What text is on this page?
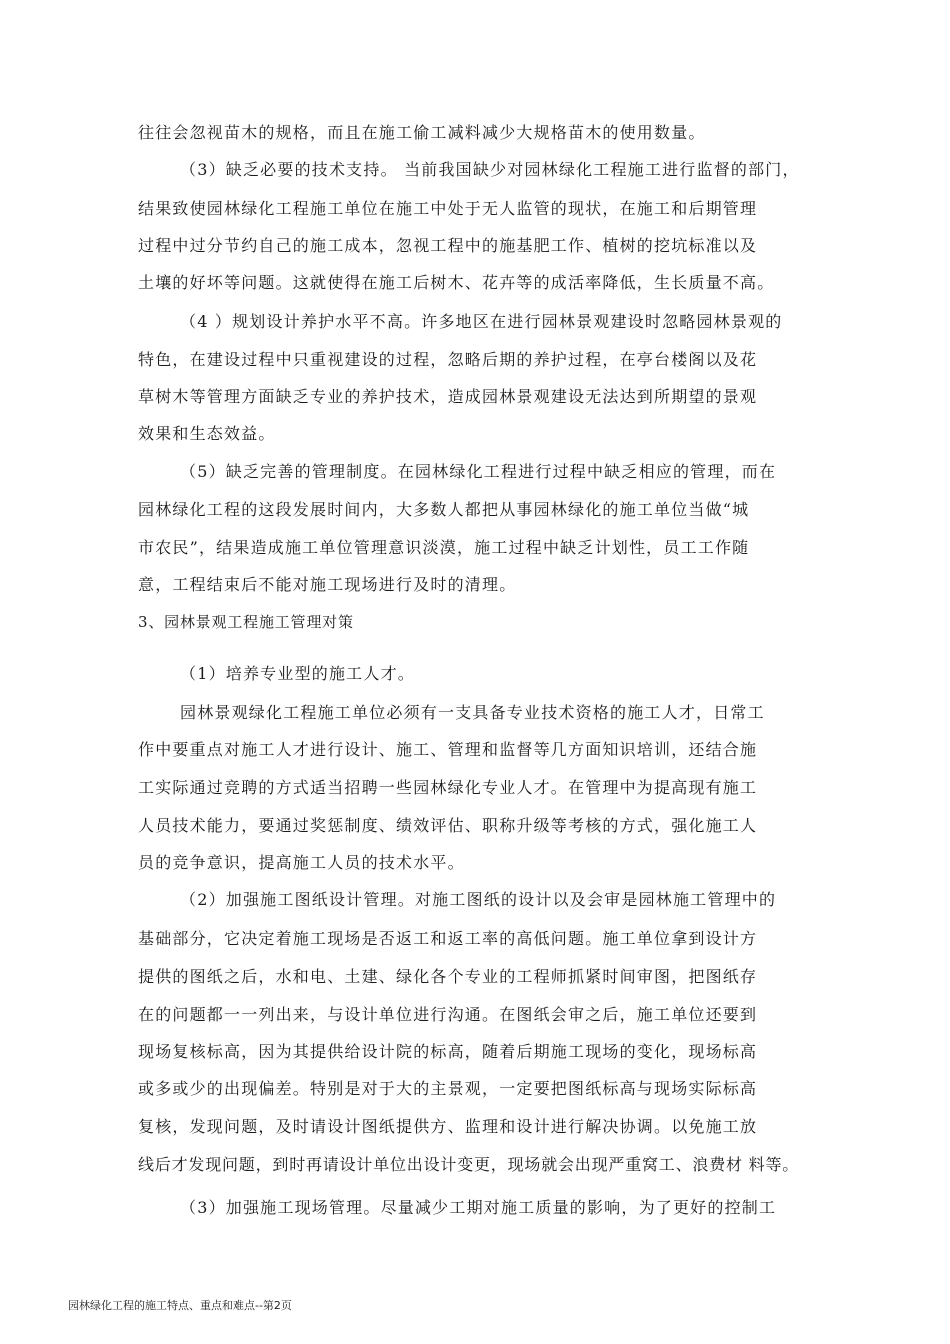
往往会忽视苗木的规格，而且在施工偷工减料减少大规格苗木的使用数量。
（3）缺乏必要的技术支持。 当前我国缺少对园林绿化工程施工进行监督的部门，
结果致使园林绿化工程施工单位在施工中处于无人监管的现状，在施工和后期管理
过程中过分节约自己的施工成本，忽视工程中的施基肥工作、植树的挖坑标准以及
土壤的好坏等问题。这就使得在施工后树木、花卉等的成活率降低，生长质量不高。
（4 ）规划设计养护水平不高。许多地区在进行园林景观建设时忽略园林景观的
特色，在建设过程中只重视建设的过程，忽略后期的养护过程，在亭台楼阁以及花
草树木等管理方面缺乏专业的养护技术，造成园林景观建设无法达到所期望的景观
效果和生态效益。
（5）缺乏完善的管理制度。在园林绿化工程进行过程中缺乏相应的管理，而在
园林绿化工程的这段发展时间内，大多数人都把从事园林绿化的施工单位当做“城
市农民”，结果造成施工单位管理意识淡漠，施工过程中缺乏计划性，员工工作随
意，工程结束后不能对施工现场进行及时的清理。
3、园林景观工程施工管理对策
（1）培养专业型的施工人才。
园林景观绿化工程施工单位必须有一支具备专业技术资格的施工人才，日常工
作中要重点对施工人才进行设计、施工、管理和监督等几方面知识培训，还结合施
工实际通过竞聘的方式适当招聘一些园林绿化专业人才。在管理中为提高现有施工
人员技术能力，要通过奖惩制度、绩效评估、职称升级等考核的方式，强化施工人
员的竞争意识，提高施工人员的技术水平。
（2）加强施工图纸设计管理。对施工图纸的设计以及会审是园林施工管理中的
基础部分，它决定着施工现场是否返工和返工率的高低问题。施工单位拿到设计方
提供的图纸之后，水和电、土建、绿化各个专业的工程师抓紧时间审图，把图纸存
在的问题都一一列出来，与设计单位进行沟通。在图纸会审之后，施工单位还要到
现场复核标高，因为其提供给设计院的标高，随着后期施工现场的变化，现场标高
或多或少的出现偏差。特别是对于大的主景观，一定要把图纸标高与现场实际标高
复核，发现问题，及时请设计图纸提供方、监理和设计进行解决协调。以免施工放
线后才发现问题，到时再请设计单位出设计变更，现场就会出现严重窝工、浪费材 料等。
（3）加强施工现场管理。尽量减少工期对施工质量的影响，为了更好的控制工
园林绿化工程的施工特点、重点和难点--第2页
